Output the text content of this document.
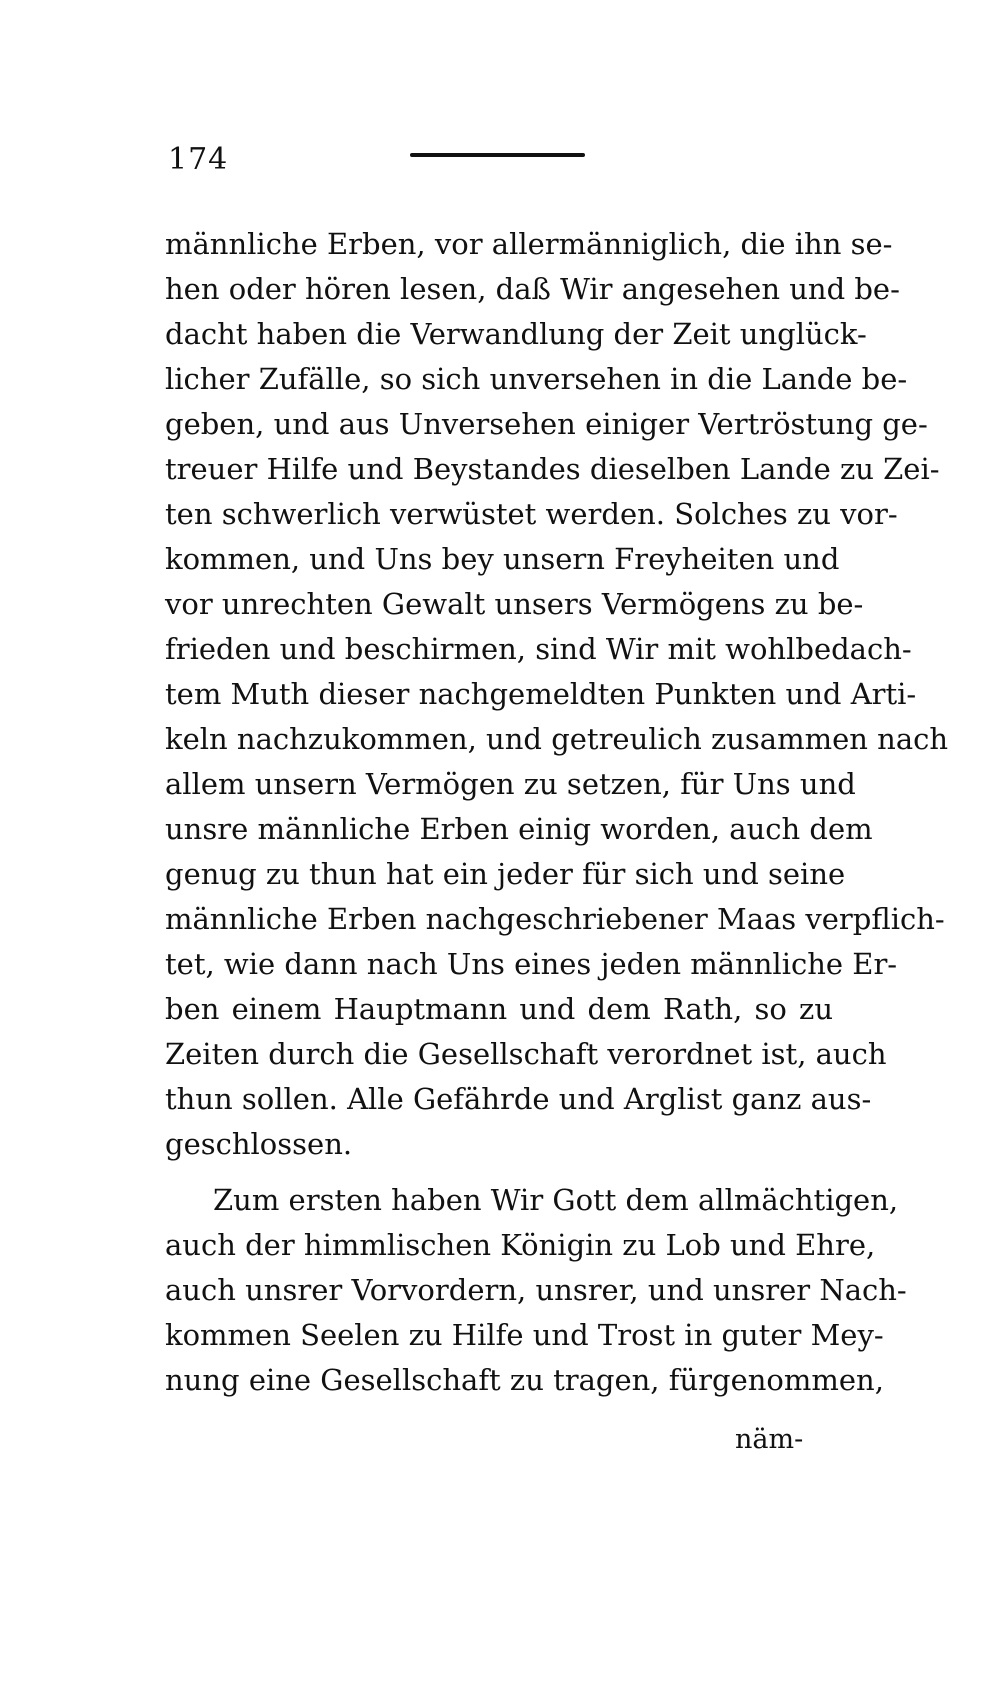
174
männliche Erben, vor allermänniglich, die ihn se-
hen oder hören lesen, daß Wir angesehen und be-
dacht haben die Verwandlung der Zeit unglück-
licher Zufälle, so sich unversehen in die Lande be-
geben, und aus Unversehen einiger Vertröstung ge-
treuer Hilfe und Beystandes dieselben Lande zu Zei-
ten schwerlich verwüstet werden. Solches zu vor-
kommen, und Uns bey unsern Freyheiten und
vor unrechten Gewalt unsers Vermögens zu be-
frieden und beschirmen, sind Wir mit wohlbedach-
tem Muth dieser nachgemeldten Punkten und Arti-
keln nachzukommen, und getreulich zusammen nach
allem unsern Vermögen zu setzen, für Uns und
unsre männliche Erben einig worden, auch dem
genug zu thun hat ein jeder für sich und seine
männliche Erben nachgeschriebener Maas verpflich-
tet, wie dann nach Uns eines jeden männliche Er-
ben einem Hauptmann und dem Rath, so zu
Zeiten durch die Gesellschaft verordnet ist, auch
thun sollen. Alle Gefährde und Arglist ganz aus-
geschlossen.
Zum ersten haben Wir Gott dem allmächtigen,
auch der himmlischen Königin zu Lob und Ehre,
auch unsrer Vorvordern, unsrer, und unsrer Nach-
kommen Seelen zu Hilfe und Trost in guter Mey-
nung eine Gesellschaft zu tragen, fürgenommen,
näm-
